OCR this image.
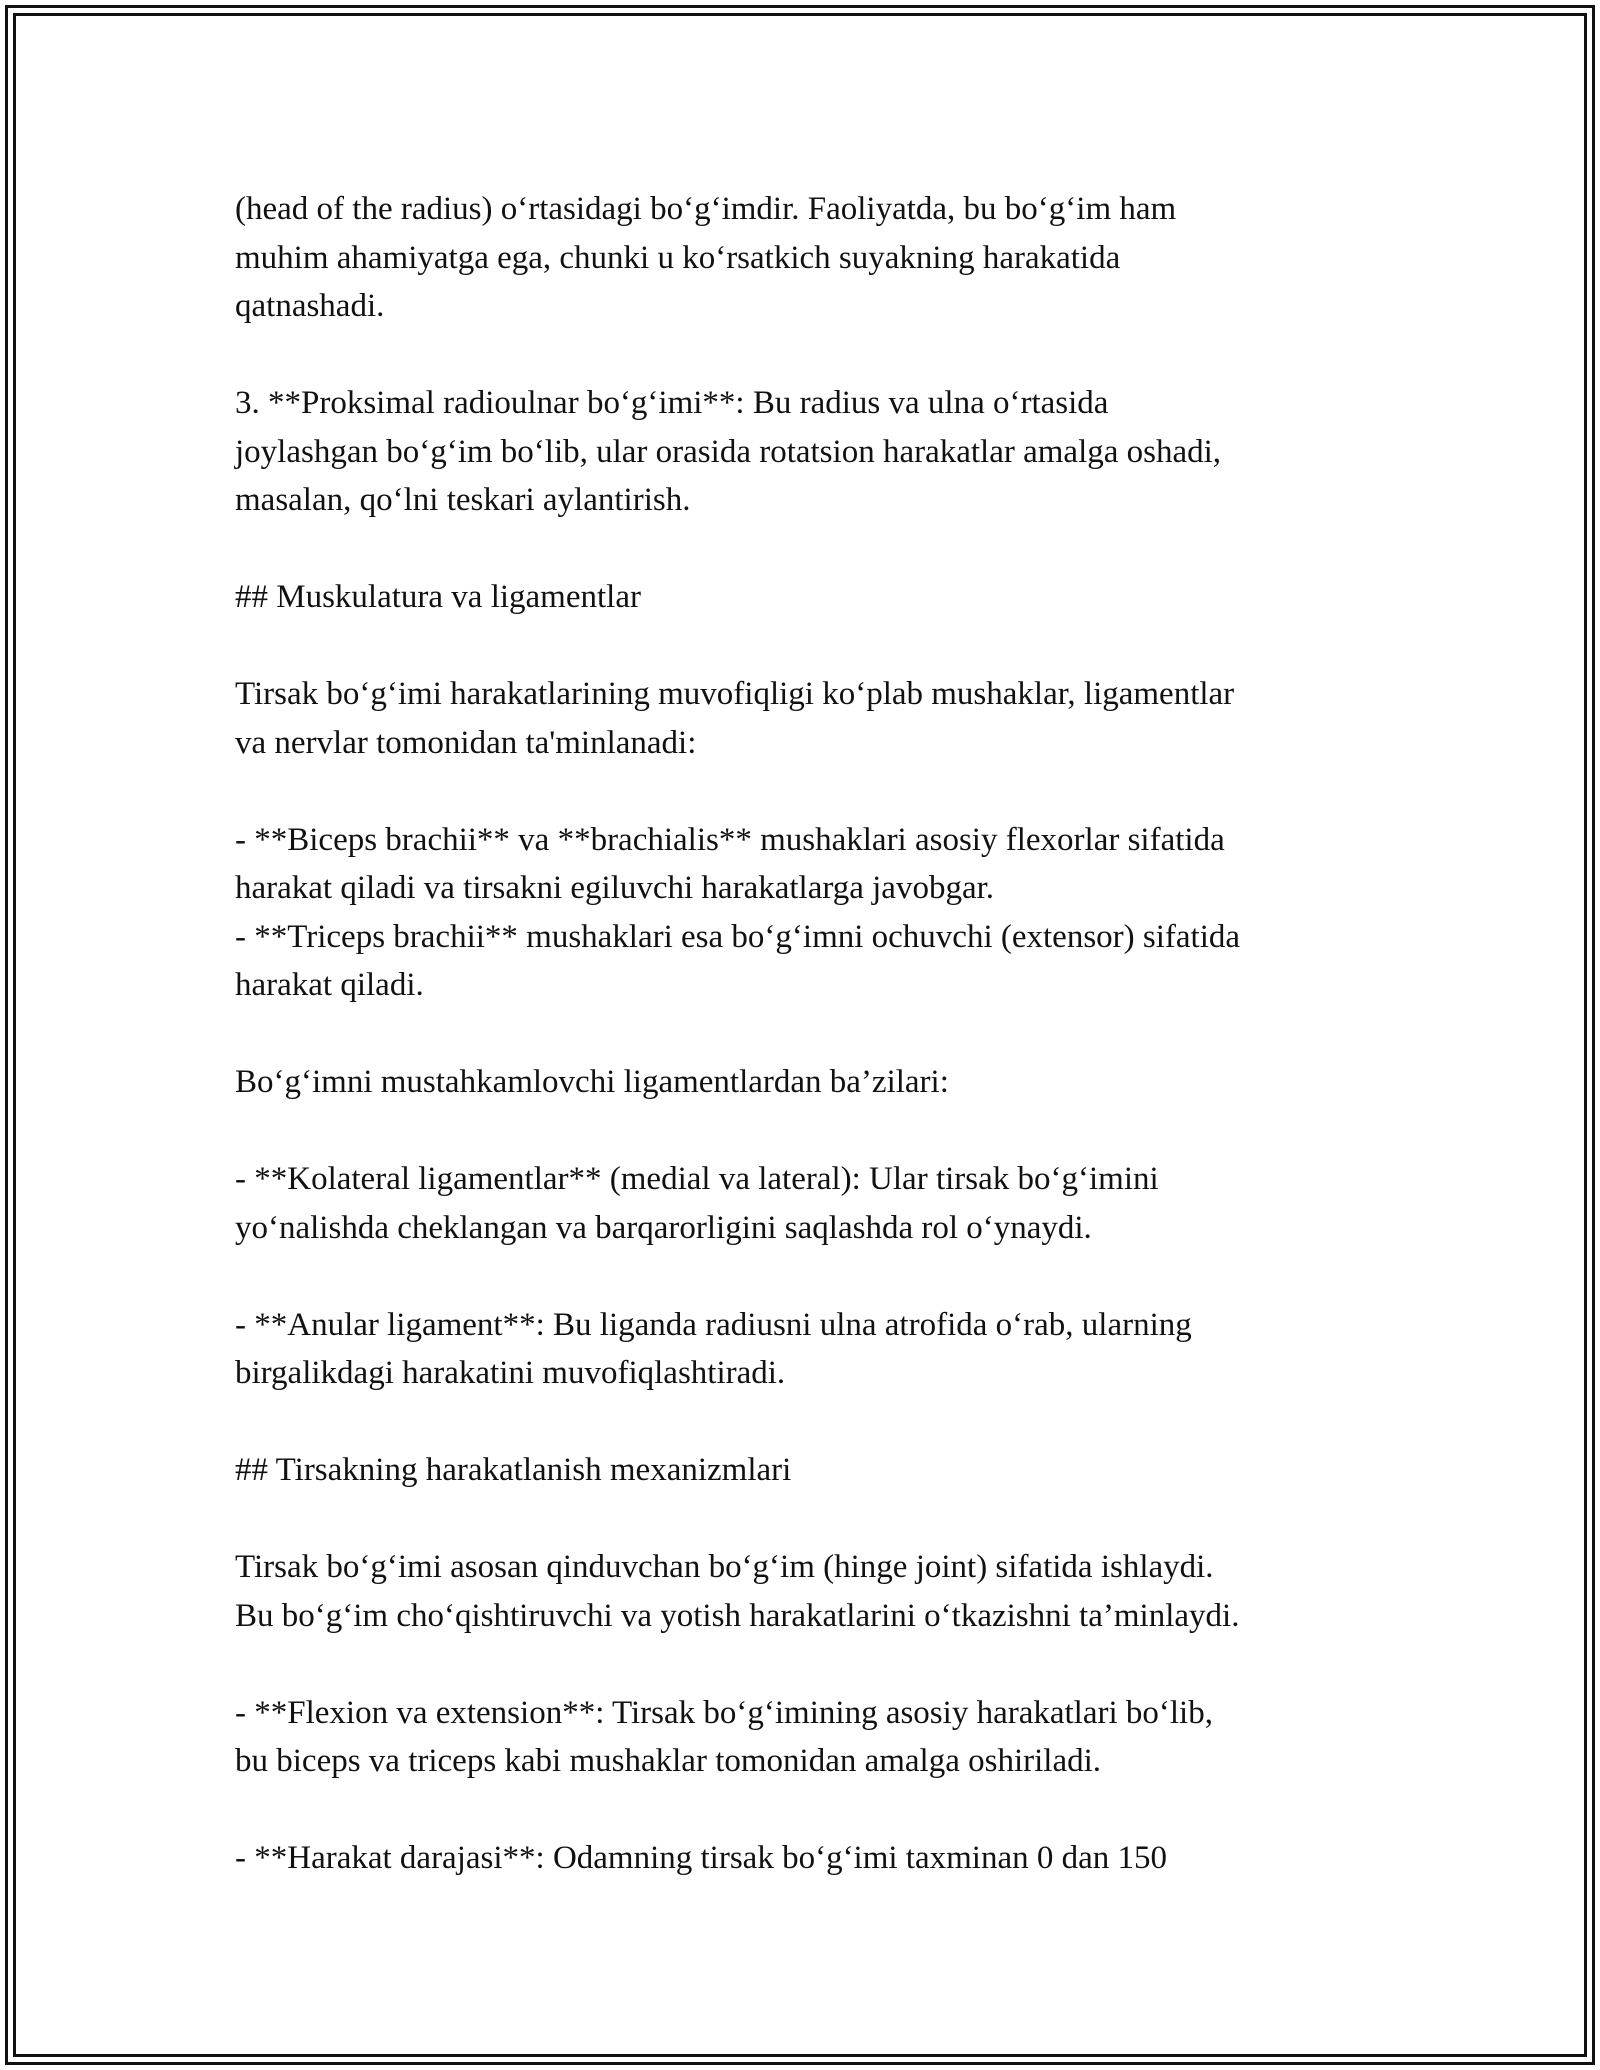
(head of the radius) o‘rtasidagi bo‘g‘imdir. Faoliyatda, bu bo‘g‘im ham
muhim ahamiyatga ega, chunki u ko‘rsatkich suyakning harakatida
qatnashadi.

3. **Proksimal radioulnar bo‘g‘imi**: Bu radius va ulna o‘rtasida
joylashgan bo‘g‘im bo‘lib, ular orasida rotatsion harakatlar amalga oshadi,
masalan, qo‘lni teskari aylantirish.

## Muskulatura va ligamentlar

Tirsak bo‘g‘imi harakatlarining muvofiqligi ko‘plab mushaklar, ligamentlar
va nervlar tomonidan ta'minlanadi:

- **Biceps brachii** va **brachialis** mushaklari asosiy flexorlar sifatida
harakat qiladi va tirsakni egiluvchi harakatlarga javobgar.
- **Triceps brachii** mushaklari esa bo‘g‘imni ochuvchi (extensor) sifatida
harakat qiladi.

Bo‘g‘imni mustahkamlovchi ligamentlardan ba’zilari:

- **Kolateral ligamentlar** (medial va lateral): Ular tirsak bo‘g‘imini
yo‘nalishda cheklangan va barqarorligini saqlashda rol o‘ynaydi.

- **Anular ligament**: Bu liganda radiusni ulna atrofida o‘rab, ularning
birgalikdagi harakatini muvofiqlashtiradi.

## Tirsakning harakatlanish mexanizmlari

Tirsak bo‘g‘imi asosan qinduvchan bo‘g‘im (hinge joint) sifatida ishlaydi.
Bu bo‘g‘im cho‘qishtiruvchi va yotish harakatlarini o‘tkazishni ta’minlaydi.

- **Flexion va extension**: Tirsak bo‘g‘imining asosiy harakatlari bo‘lib,
bu biceps va triceps kabi mushaklar tomonidan amalga oshiriladi.

- **Harakat darajasi**: Odamning tirsak bo‘g‘imi taxminan 0 dan 150
